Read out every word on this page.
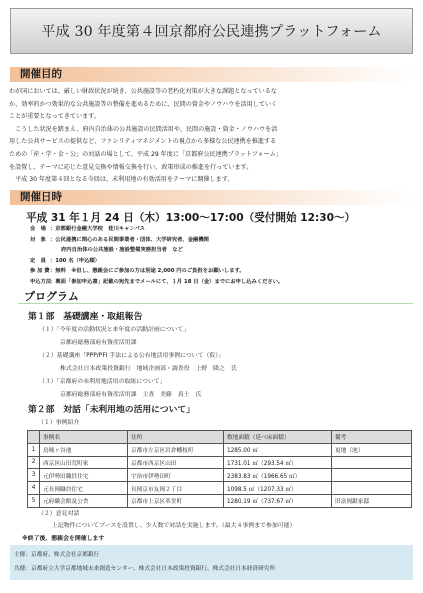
平成 30 年度第４回京都府公民連携プラットフォーム
開催目的

わが国においては、厳しい財政状況が続き、公共施設等の老朽化対策が大きな課題となっているな

か、効率的かつ効果的な公共施設等の整備を進めるために、民間の資金やノウハウを活用していく

ことが重要となってきています。

　こうした状況を踏まえ、府内自治体の公共施設の民間活用や、民間の施設・資金・ノウハウを活

用した公共サービスの提供など、ファシリティマネジメントの視点から多様な公民連携を推進する

ための「産・学・金・公」の対話の場として、平成 29 年度に「京都府公民連携プラットフォーム」

を設置し、テーマに応じた意見交換や情報交換を行い、政策形成の推進を行っています。

　平成 30 年度第４回となる今回は、未利用地の有効活用をテーマに開催します。

開催日時
平成 31 年１月 24 日（木）13:00～17:00（受付開始 12:30～）
会　場 ：京都銀行金融大学校　桂川キャンパス
対　象 ：公民連携に関心のある民間事業者・団体、大学研究者、金融機関
府内自治体の公共施設・施設整備実務担当者　など
定　員 ：100 名（申込順）
参 加 費 ：無料　※但し、懇親会にご参加の方は別途 2,000 円のご負担をお願いします。
申込方法
：裏面「参加申込書」記載の宛先までメールにて、１月 18 日（金）までにお申し込みください。
プログラム
第１部　基礎講座・取組報告
（１）「今年度の活動状況と来年度の活動計画について」
京都府総務部府有資産活用課
（２）基礎講座「PPP/PFI 手法による公有地活用事例について（仮）」
株式会社日本政策投資銀行　地域企画部・調査役　上野　隆之　氏
（３）「京都府の未利用地活用の取組について」
京都府総務部府有資産活用課　主査　美藤　真士　氏
第２部　対話「未利用地の活用について」
（１）事例紹介
	事例名	住所	敷地面積（延べ床面積）	備考
1	鳥賊ヶ谷池	京都市左京区岩倉幡枝町	1285.00 ㎡	更地（池）
2	西京区山田荒町家	京都市西京区山田	1731.01 ㎡（293.54 ㎡）	
3	元伊勢田職員住宅	宇治市伊勢田町	2383.83 ㎡（1966.65 ㎡）	
4	元長岡職員住宅	長岡京市友岡２丁目	1098.5 ㎡（1207.33 ㎡）	
5	元府職会館及公舎	京都市上京区革堂町	1280.19 ㎡（737.67 ㎡）	旧富岡銀家邸
（２）意見対話
上記物件についてブースを設置し、少人数で対話を実施します。（最大４事例まで参加可能）
※終了後、懇親会を開催します

主催：京都府、株式会社京都銀行

共催：京都府立大学京都地域未来創造センター、株式会社日本政策投資銀行、株式会社日本経済研究所
